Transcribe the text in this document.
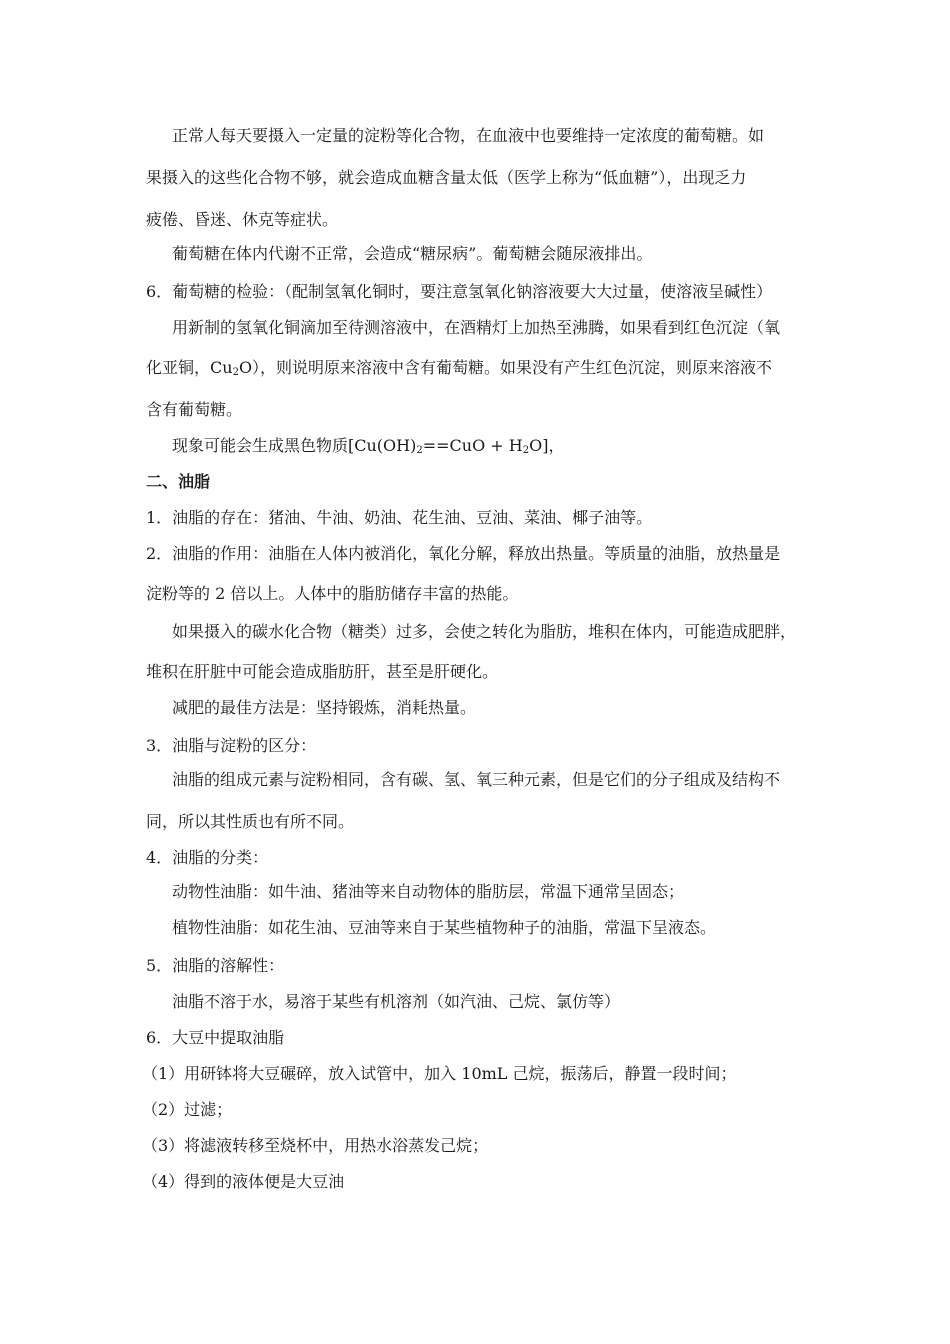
正常人每天要摄入一定量的淀粉等化合物，在血液中也要维持一定浓度的葡萄糖。如
果摄入的这些化合物不够，就会造成血糖含量太低（医学上称为“低血糖”），出现乏力
疲倦、昏迷、休克等症状。
葡萄糖在体内代谢不正常，会造成“糖尿病”。葡萄糖会随尿液排出。
6．葡萄糖的检验：（配制氢氧化铜时，要注意氢氧化钠溶液要大大过量，使溶液呈碱性）
用新制的氢氧化铜滴加至待测溶液中，在酒精灯上加热至沸腾，如果看到红色沉淀（氧
化亚铜，$Cu_2O$），则说明原来溶液中含有葡萄糖。如果没有产生红色沉淀，则原来溶液不
含有葡萄糖。
现象可能会生成黑色物质$[Cu(OH)_2==CuO + H_2O]$，
二、油脂
1．油脂的存在：猪油、牛油、奶油、花生油、豆油、菜油、椰子油等。
2．油脂的作用：油脂在人体内被消化，氧化分解，释放出热量。等质量的油脂，放热量是
淀粉等的 2 倍以上。人体中的脂肪储存丰富的热能。
如果摄入的碳水化合物（糖类）过多，会使之转化为脂肪，堆积在体内，可能造成肥胖，
堆积在肝脏中可能会造成脂肪肝，甚至是肝硬化。
减肥的最佳方法是：坚持锻炼，消耗热量。
3．油脂与淀粉的区分：
油脂的组成元素与淀粉相同，含有碳、氢、氧三种元素，但是它们的分子组成及结构不
同，所以其性质也有所不同。
4．油脂的分类：
动物性油脂：如牛油、猪油等来自动物体的脂肪层，常温下通常呈固态；
植物性油脂：如花生油、豆油等来自于某些植物种子的油脂，常温下呈液态。
5．油脂的溶解性：
油脂不溶于水，易溶于某些有机溶剂（如汽油、己烷、氯仿等）
6．大豆中提取油脂
（1）用研钵将大豆碾碎，放入试管中，加入 10mL 己烷，振荡后，静置一段时间；
（2）过滤；
（3）将滤液转移至烧杯中，用热水浴蒸发己烷；
（4）得到的液体便是大豆油
